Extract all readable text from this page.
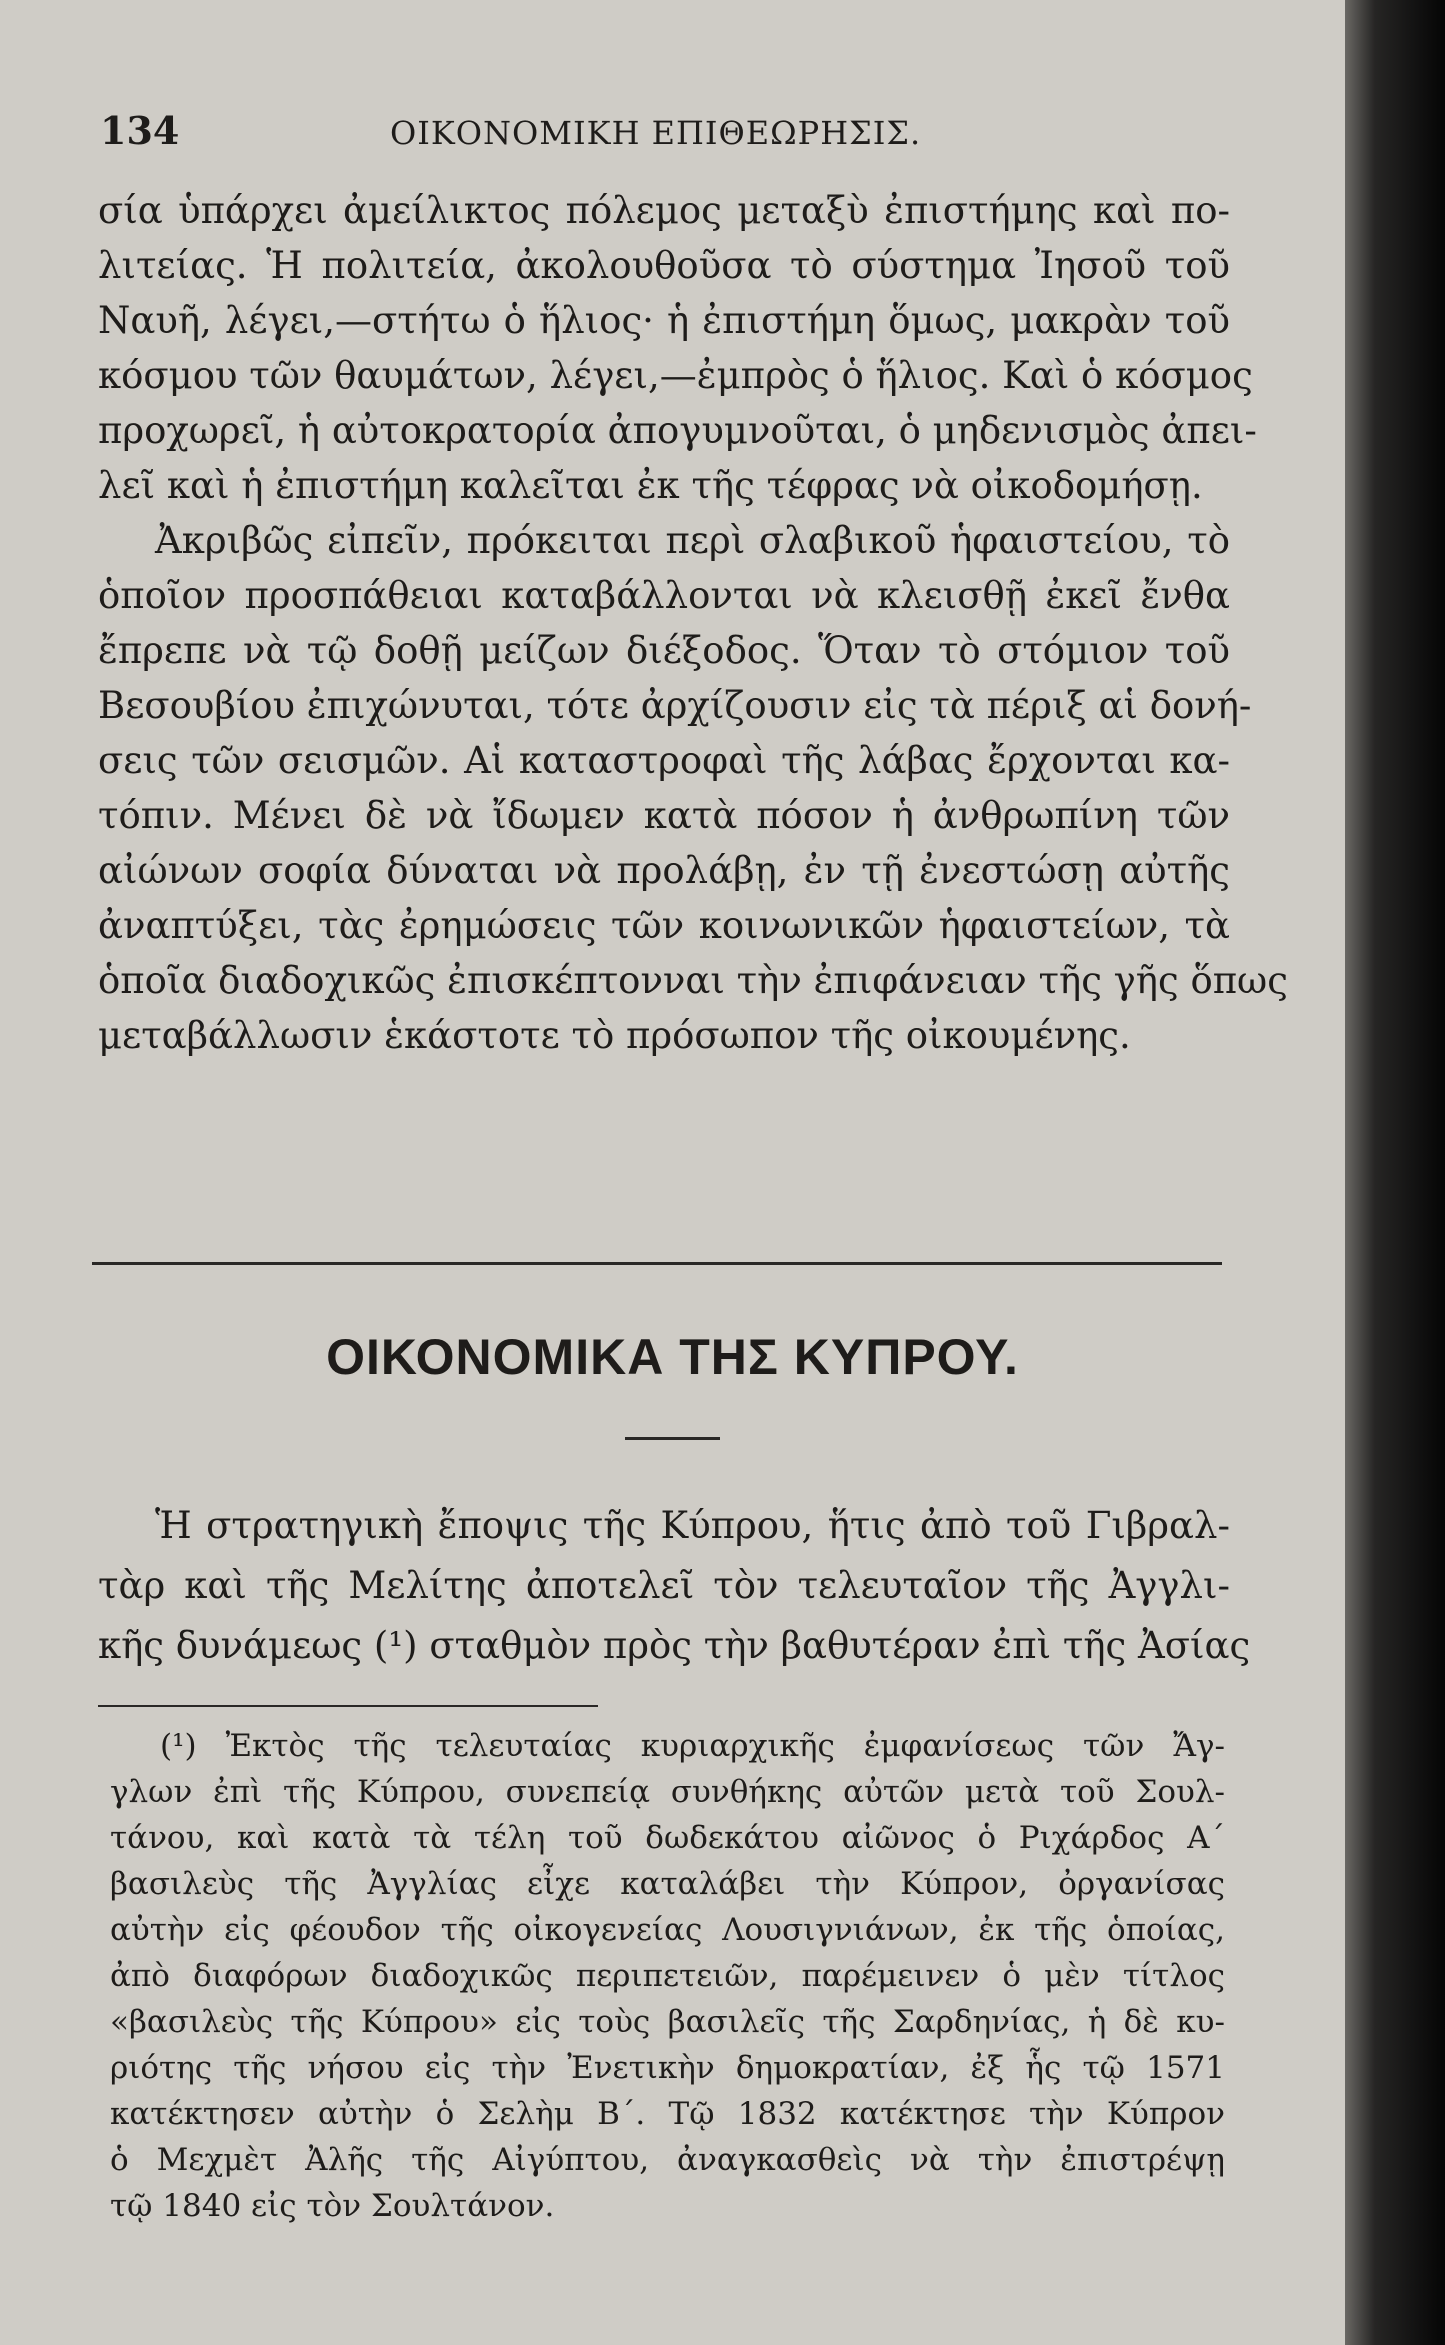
134	ΟΙΚΟΝΟΜΙΚΗ ΕΠΙΘΕΩΡΗΣΙΣ.
σία ὑπάρχει ἀμείλικτος πόλεμος μεταξὺ ἐπιστήμης καὶ πο-
λιτείας. Ἡ πολιτεία, ἀκολουθοῦσα τὸ σύστημα Ἰησοῦ τοῦ
Ναυῆ, λέγει,—στήτω ὁ ἥλιος· ἡ ἐπιστήμη ὅμως, μακρὰν τοῦ
κόσμου τῶν θαυμάτων, λέγει,—ἐμπρὸς ὁ ἥλιος. Καὶ ὁ κόσμος
προχωρεῖ, ἡ αὐτοκρατορία ἀπογυμνοῦται, ὁ μηδενισμὸς ἀπει-
λεῖ καὶ ἡ ἐπιστήμη καλεῖται ἐκ τῆς τέφρας νὰ οἰκοδομήσῃ.
Ἀκριβῶς εἰπεῖν, πρόκειται περὶ σλαβικοῦ ἡφαιστείου, τὸ
ὁποῖον προσπάθειαι καταβάλλονται νὰ κλεισθῇ ἐκεῖ ἔνθα
ἔπρεπε νὰ τῷ δοθῇ μείζων διέξοδος. Ὅταν τὸ στόμιον τοῦ
Βεσουβίου ἐπιχώνυται, τότε ἀρχίζουσιν εἰς τὰ πέριξ αἱ δονή-
σεις τῶν σεισμῶν. Αἱ καταστροφαὶ τῆς λάβας ἔρχονται κα-
τόπιν. Μένει δὲ νὰ ἴδωμεν κατὰ πόσον ἡ ἀνθρωπίνη τῶν
αἰώνων σοφία δύναται νὰ προλάβῃ, ἐν τῇ ἐνεστώσῃ αὐτῆς
ἀναπτύξει, τὰς ἐρημώσεις τῶν κοινωνικῶν ἡφαιστείων, τὰ
ὁποῖα διαδοχικῶς ἐπισκέπτονναι τὴν ἐπιφάνειαν τῆς γῆς ὅπως
μεταβάλλωσιν ἑκάστοτε τὸ πρόσωπον τῆς οἰκουμένης.
ΟΙΚΟΝΟΜΙΚΑ ΤΗΣ ΚΥΠΡΟΥ.
Ἡ στρατηγικὴ ἔποψις τῆς Κύπρου, ἥτις ἀπὸ τοῦ Γιβραλ-
τὰρ καὶ τῆς Μελίτης ἀποτελεῖ τὸν τελευταῖον τῆς Ἀγγλι-
κῆς δυνάμεως (¹) σταθμὸν πρὸς τὴν βαθυτέραν ἐπὶ τῆς Ἀσίας
(¹) Ἐκτὸς τῆς τελευταίας κυριαρχικῆς ἐμφανίσεως τῶν Ἄγ-
γλων ἐπὶ τῆς Κύπρου, συνεπείᾳ συνθήκης αὐτῶν μετὰ τοῦ Σουλ-
τάνου, καὶ κατὰ τὰ τέλη τοῦ δωδεκάτου αἰῶνος ὁ Ριχάρδος Α΄
βασιλεὺς τῆς Ἀγγλίας εἶχε καταλάβει τὴν Κύπρον, ὀργανίσας
αὐτὴν εἰς φέουδον τῆς οἰκογενείας Λουσιγνιάνων, ἐκ τῆς ὁποίας,
ἀπὸ διαφόρων διαδοχικῶς περιπετειῶν, παρέμεινεν ὁ μὲν τίτλος
«βασιλεὺς τῆς Κύπρου» εἰς τοὺς βασιλεῖς τῆς Σαρδηνίας, ἡ δὲ κυ-
ριότης τῆς νήσου εἰς τὴν Ἐνετικὴν δημοκρατίαν, ἐξ ἧς τῷ 1571
κατέκτησεν αὐτὴν ὁ Σελὴμ Β΄. Τῷ 1832 κατέκτησε τὴν Κύπρον
ὁ Μεχμὲτ Ἀλῆς τῆς Αἰγύπτου, ἀναγκασθεὶς νὰ τὴν ἐπιστρέψῃ
τῷ 1840 εἰς τὸν Σουλτάνον.
